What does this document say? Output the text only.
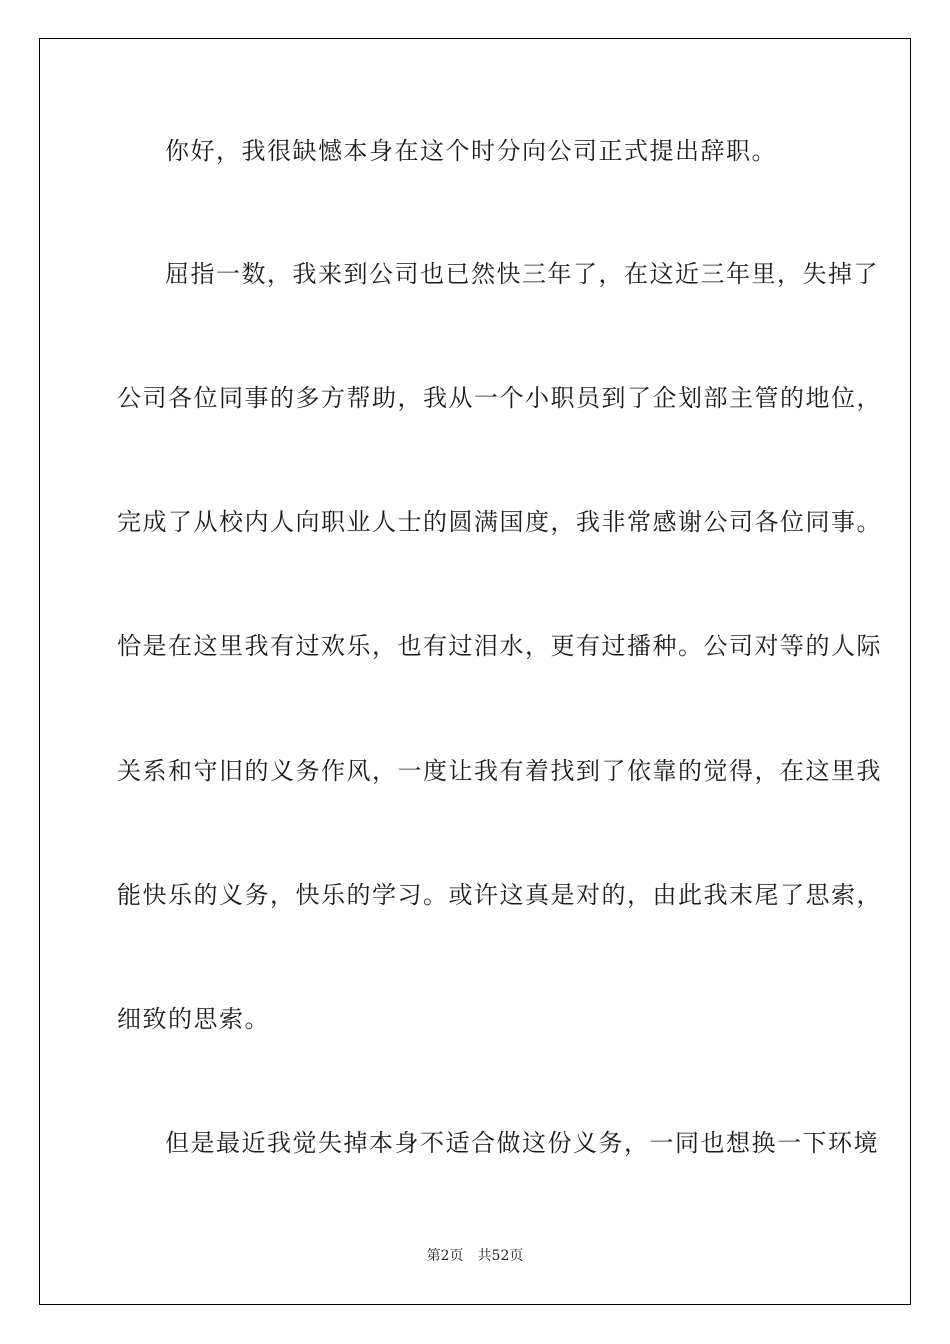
你好，我很缺憾本身在这个时分向公司正式提出辞职。
屈指一数，我来到公司也已然快三年了，在这近三年里，失掉了
公司各位同事的多方帮助，我从一个小职员到了企划部主管的地位，
完成了从校内人向职业人士的圆满国度，我非常感谢公司各位同事。
恰是在这里我有过欢乐，也有过泪水，更有过播种。公司对等的人际
关系和守旧的义务作风，一度让我有着找到了依靠的觉得，在这里我
能快乐的义务，快乐的学习。或许这真是对的，由此我末尾了思索，
细致的思索。
但是最近我觉失掉本身不适合做这份义务，一同也想换一下环境
第2页 共52页
